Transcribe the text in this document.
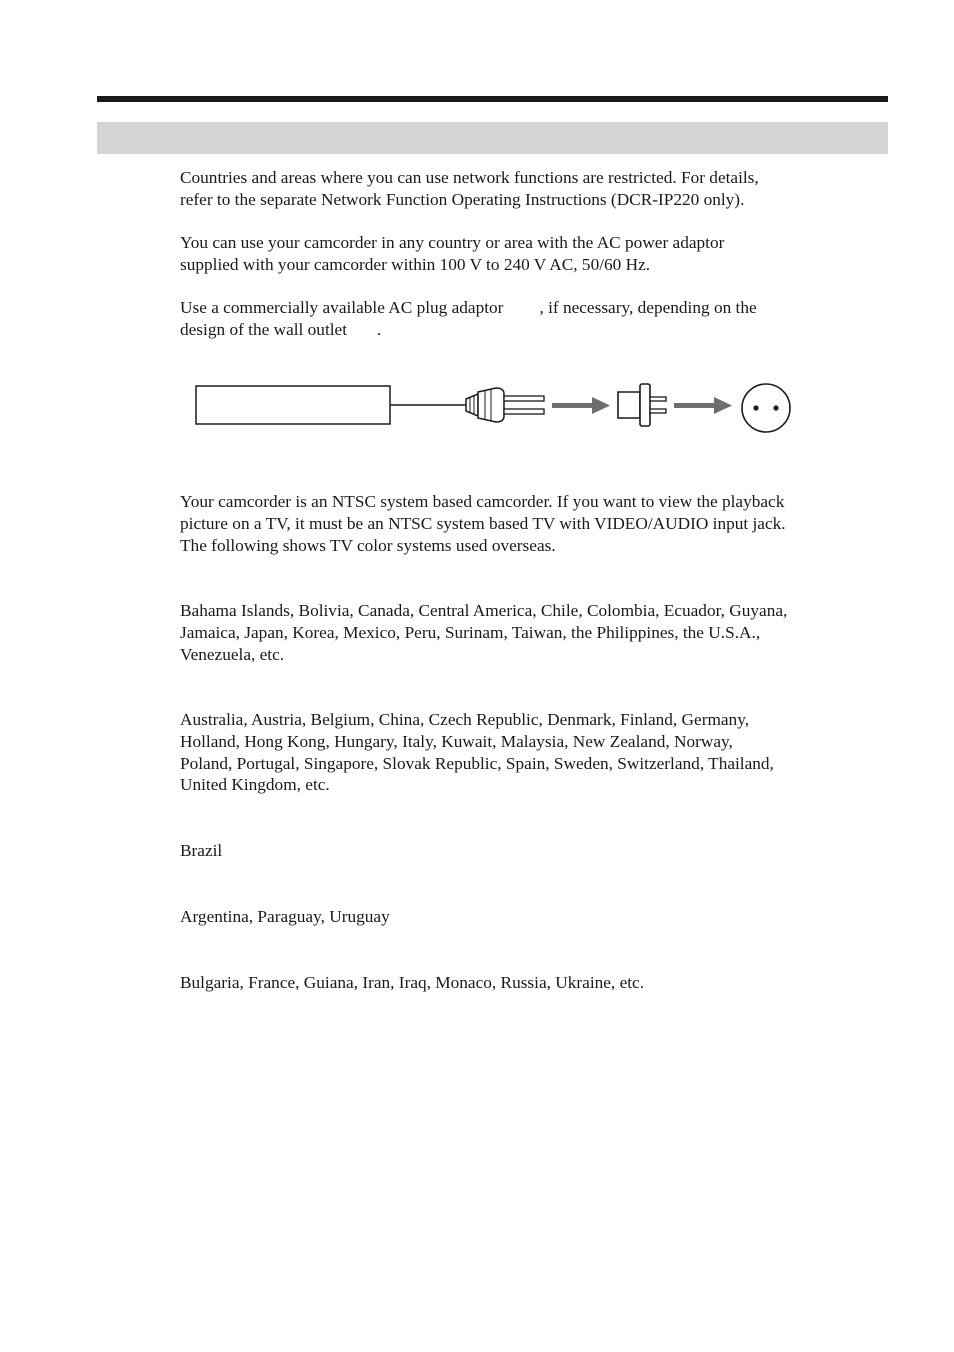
Countries and areas where you can use network functions are restricted. For details,
refer to the separate Network Function Operating Instructions (DCR-IP220 only).

You can use your camcorder in any country or area with the AC power adaptor
supplied with your camcorder within 100 V to 240 V AC, 50/60 Hz.

Use a commercially available AC plug adaptor , if necessary, depending on the
design of the wall outlet .

Your camcorder is an NTSC system based camcorder. If you want to view the playback
picture on a TV, it must be an NTSC system based TV with VIDEO/AUDIO input jack.
The following shows TV color systems used overseas.

Bahama Islands, Bolivia, Canada, Central America, Chile, Colombia, Ecuador, Guyana,
Jamaica, Japan, Korea, Mexico, Peru, Surinam, Taiwan, the Philippines, the U.S.A.,
Venezuela, etc.

Australia, Austria, Belgium, China, Czech Republic, Denmark, Finland, Germany,
Holland, Hong Kong, Hungary, Italy, Kuwait, Malaysia, New Zealand, Norway,
Poland, Portugal, Singapore, Slovak Republic, Spain, Sweden, Switzerland, Thailand,
United Kingdom, etc.

Brazil

Argentina, Paraguay, Uruguay

Bulgaria, France, Guiana, Iran, Iraq, Monaco, Russia, Ukraine, etc.
